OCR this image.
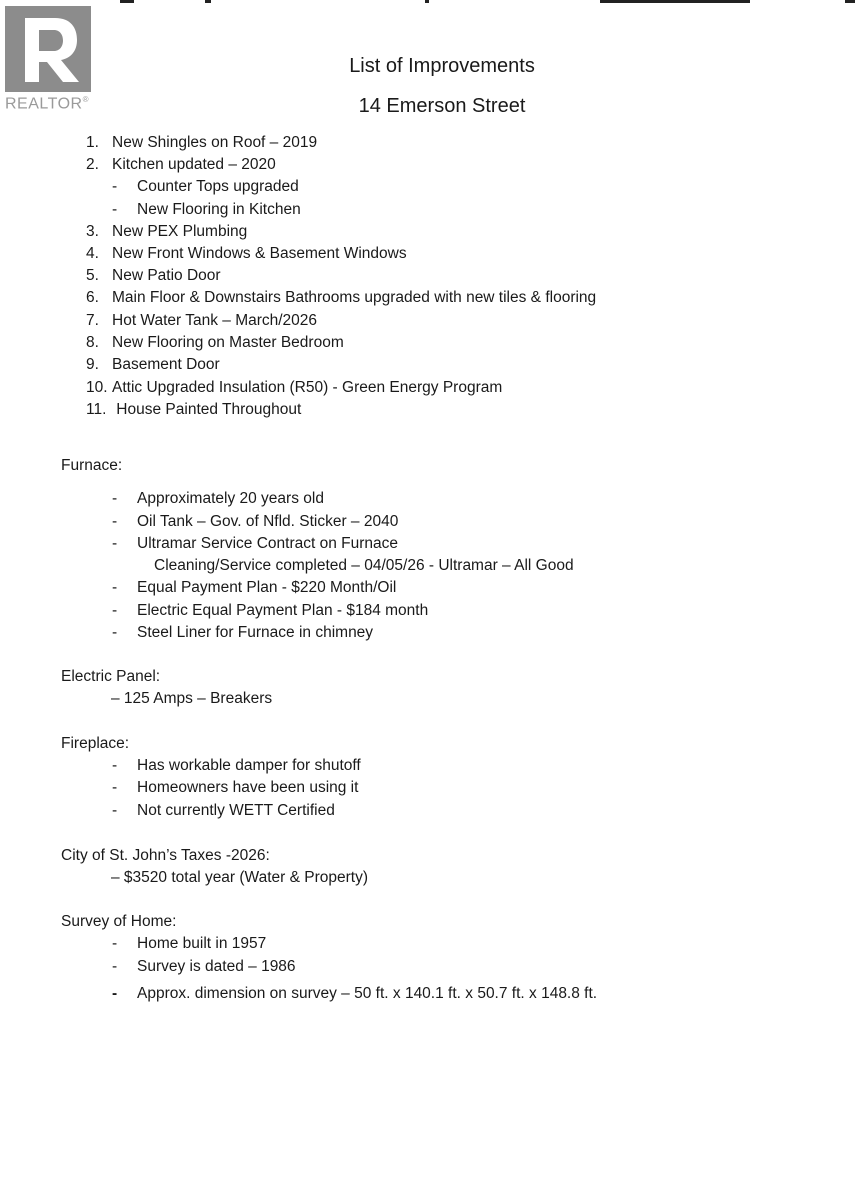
REALTOR®
List of Improvements
14 Emerson Street
1. New Shingles on Roof – 2019
2. Kitchen updated – 2020
- Counter Tops upgraded
- New Flooring in Kitchen
3. New PEX Plumbing
4. New Front Windows & Basement Windows
5. New Patio Door
6. Main Floor & Downstairs Bathrooms upgraded with new tiles & flooring
7. Hot Water Tank – March/2026
8. New Flooring on Master Bedroom
9. Basement Door
10. Attic Upgraded Insulation (R50) - Green Energy Program
11. House Painted Throughout
Furnace:
- Approximately 20 years old
- Oil Tank – Gov. of Nfld. Sticker – 2040
- Ultramar Service Contract on Furnace
Cleaning/Service completed – 04/05/26 - Ultramar – All Good
- Equal Payment Plan - $220 Month/Oil
- Electric Equal Payment Plan - $184 month
- Steel Liner for Furnace in chimney
Electric Panel:
– 125 Amps – Breakers
Fireplace:
- Has workable damper for shutoff
- Homeowners have been using it
- Not currently WETT Certified
City of St. John’s Taxes -2026:
– $3520 total year (Water & Property)
Survey of Home:
- Home built in 1957
- Survey is dated – 1986
- Approx. dimension on survey – 50 ft. x 140.1 ft. x 50.7 ft. x 148.8 ft.
